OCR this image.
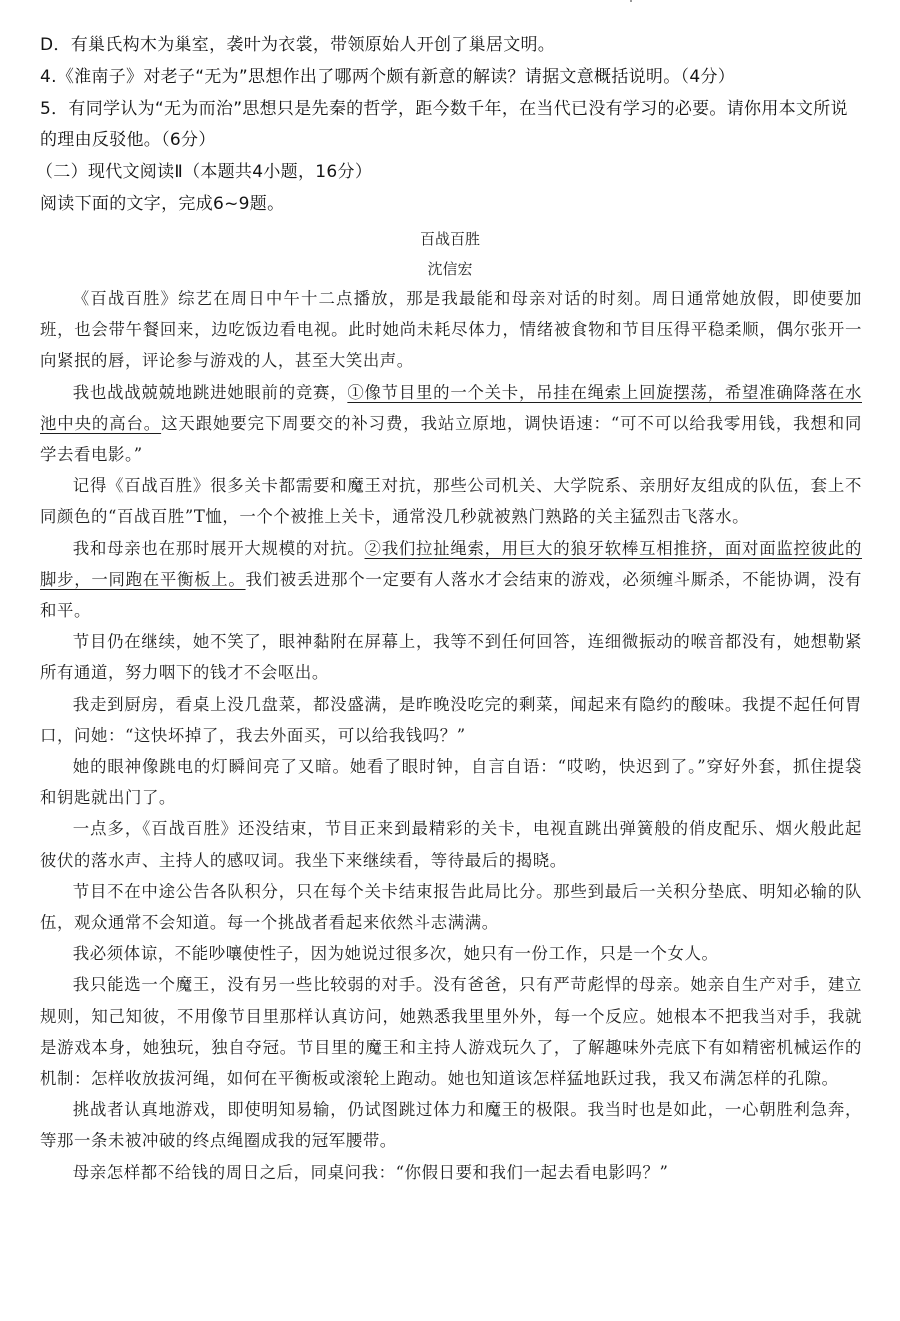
D．有巢氏构木为巢室，袭叶为衣裳，带领原始人开创了巢居文明。
4.《淮南子》对老子“无为”思想作出了哪两个颇有新意的解读？请据文意概括说明。（4分）
5．有同学认为“无为而治”思想只是先秦的哲学，距今数千年，在当代已没有学习的必要。请你用本文所说的理由反驳他。（6分）
（二）现代文阅读Ⅱ（本题共4小题，16分）
阅读下面的文字，完成6~9题。
百战百胜
沈信宏

《百战百胜》综艺在周日中午十二点播放，那是我最能和母亲对话的时刻。周日通常她放假，即使要加班，也会带午餐回来，边吃饭边看电视。此时她尚未耗尽体力，情绪被食物和节目压得平稳柔顺，偶尔张开一向紧抿的唇，评论参与游戏的人，甚至大笑出声。

我也战战兢兢地跳进她眼前的竞赛，①像节目里的一个关卡，吊挂在绳索上回旋摆荡，希望准确降落在水池中央的高台。这天跟她要完下周要交的补习费，我站立原地，调快语速：“可不可以给我零用钱，我想和同学去看电影。”

记得《百战百胜》很多关卡都需要和魔王对抗，那些公司机关、大学院系、亲朋好友组成的队伍，套上不同颜色的“百战百胜”T恤，一个个被推上关卡，通常没几秒就被熟门熟路的关主猛烈击飞落水。

我和母亲也在那时展开大规模的对抗。②我们拉扯绳索，用巨大的狼牙软棒互相推挤，面对面监控彼此的脚步，一同跑在平衡板上。我们被丢进那个一定要有人落水才会结束的游戏，必须缠斗厮杀，不能协调，没有和平。

节目仍在继续，她不笑了，眼神黏附在屏幕上，我等不到任何回答，连细微振动的喉音都没有，她想勒紧所有通道，努力咽下的钱才不会呕出。

我走到厨房，看桌上没几盘菜，都没盛满，是昨晚没吃完的剩菜，闻起来有隐约的酸味。我提不起任何胃口，问她：“这快坏掉了，我去外面买，可以给我钱吗？”

她的眼神像跳电的灯瞬间亮了又暗。她看了眼时钟，自言自语：“哎哟，快迟到了。”穿好外套，抓住提袋和钥匙就出门了。

一点多，《百战百胜》还没结束，节目正来到最精彩的关卡，电视直跳出弹簧般的俏皮配乐、烟火般此起彼伏的落水声、主持人的感叹词。我坐下来继续看，等待最后的揭晓。

节目不在中途公告各队积分，只在每个关卡结束报告此局比分。那些到最后一关积分垫底、明知必输的队伍，观众通常不会知道。每一个挑战者看起来依然斗志满满。

我必须体谅，不能吵嚷使性子，因为她说过很多次，她只有一份工作，只是一个女人。

我只能选一个魔王，没有另一些比较弱的对手。没有爸爸，只有严苛彪悍的母亲。她亲自生产对手，建立规则，知己知彼，不用像节目里那样认真访问，她熟悉我里里外外，每一个反应。她根本不把我当对手，我就是游戏本身，她独玩，独自夺冠。节目里的魔王和主持人游戏玩久了，了解趣味外壳底下有如精密机械运作的机制：怎样收放拔河绳，如何在平衡板或滚轮上跑动。她也知道该怎样猛地跃过我，我又布满怎样的孔隙。

挑战者认真地游戏，即使明知易输，仍试图跳过体力和魔王的极限。我当时也是如此，一心朝胜利急奔，等那一条未被冲破的终点绳圈成我的冠军腰带。

母亲怎样都不给钱的周日之后，同桌问我：“你假日要和我们一起去看电影吗？”
